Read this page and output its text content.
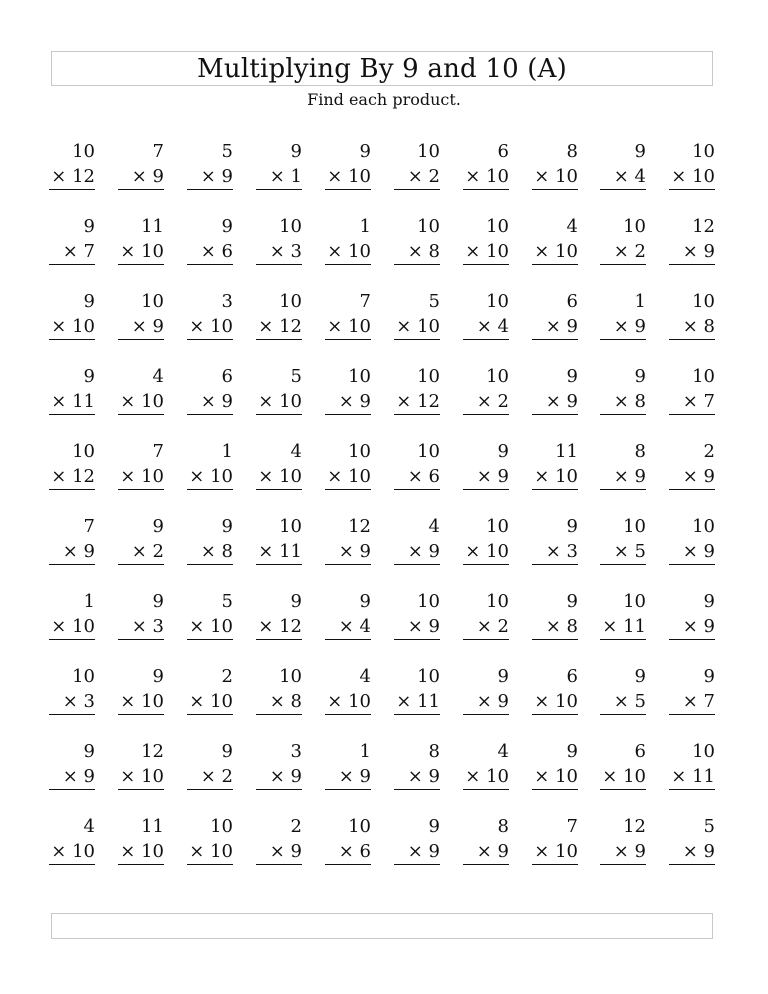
Multiplying By 9 and 10 (A)
Find each product.
10
× 12
7
× 9
5
× 9
9
× 1
9
× 10
10
× 2
6
× 10
8
× 10
9
× 4
10
× 10
9
× 7
11
× 10
9
× 6
10
× 3
1
× 10
10
× 8
10
× 10
4
× 10
10
× 2
12
× 9
9
× 10
10
× 9
3
× 10
10
× 12
7
× 10
5
× 10
10
× 4
6
× 9
1
× 9
10
× 8
9
× 11
4
× 10
6
× 9
5
× 10
10
× 9
10
× 12
10
× 2
9
× 9
9
× 8
10
× 7
10
× 12
7
× 10
1
× 10
4
× 10
10
× 10
10
× 6
9
× 9
11
× 10
8
× 9
2
× 9
7
× 9
9
× 2
9
× 8
10
× 11
12
× 9
4
× 9
10
× 10
9
× 3
10
× 5
10
× 9
1
× 10
9
× 3
5
× 10
9
× 12
9
× 4
10
× 9
10
× 2
9
× 8
10
× 11
9
× 9
10
× 3
9
× 10
2
× 10
10
× 8
4
× 10
10
× 11
9
× 9
6
× 10
9
× 5
9
× 7
9
× 9
12
× 10
9
× 2
3
× 9
1
× 9
8
× 9
4
× 10
9
× 10
6
× 10
10
× 11
4
× 10
11
× 10
10
× 10
2
× 9
10
× 6
9
× 9
8
× 9
7
× 10
12
× 9
5
× 9
